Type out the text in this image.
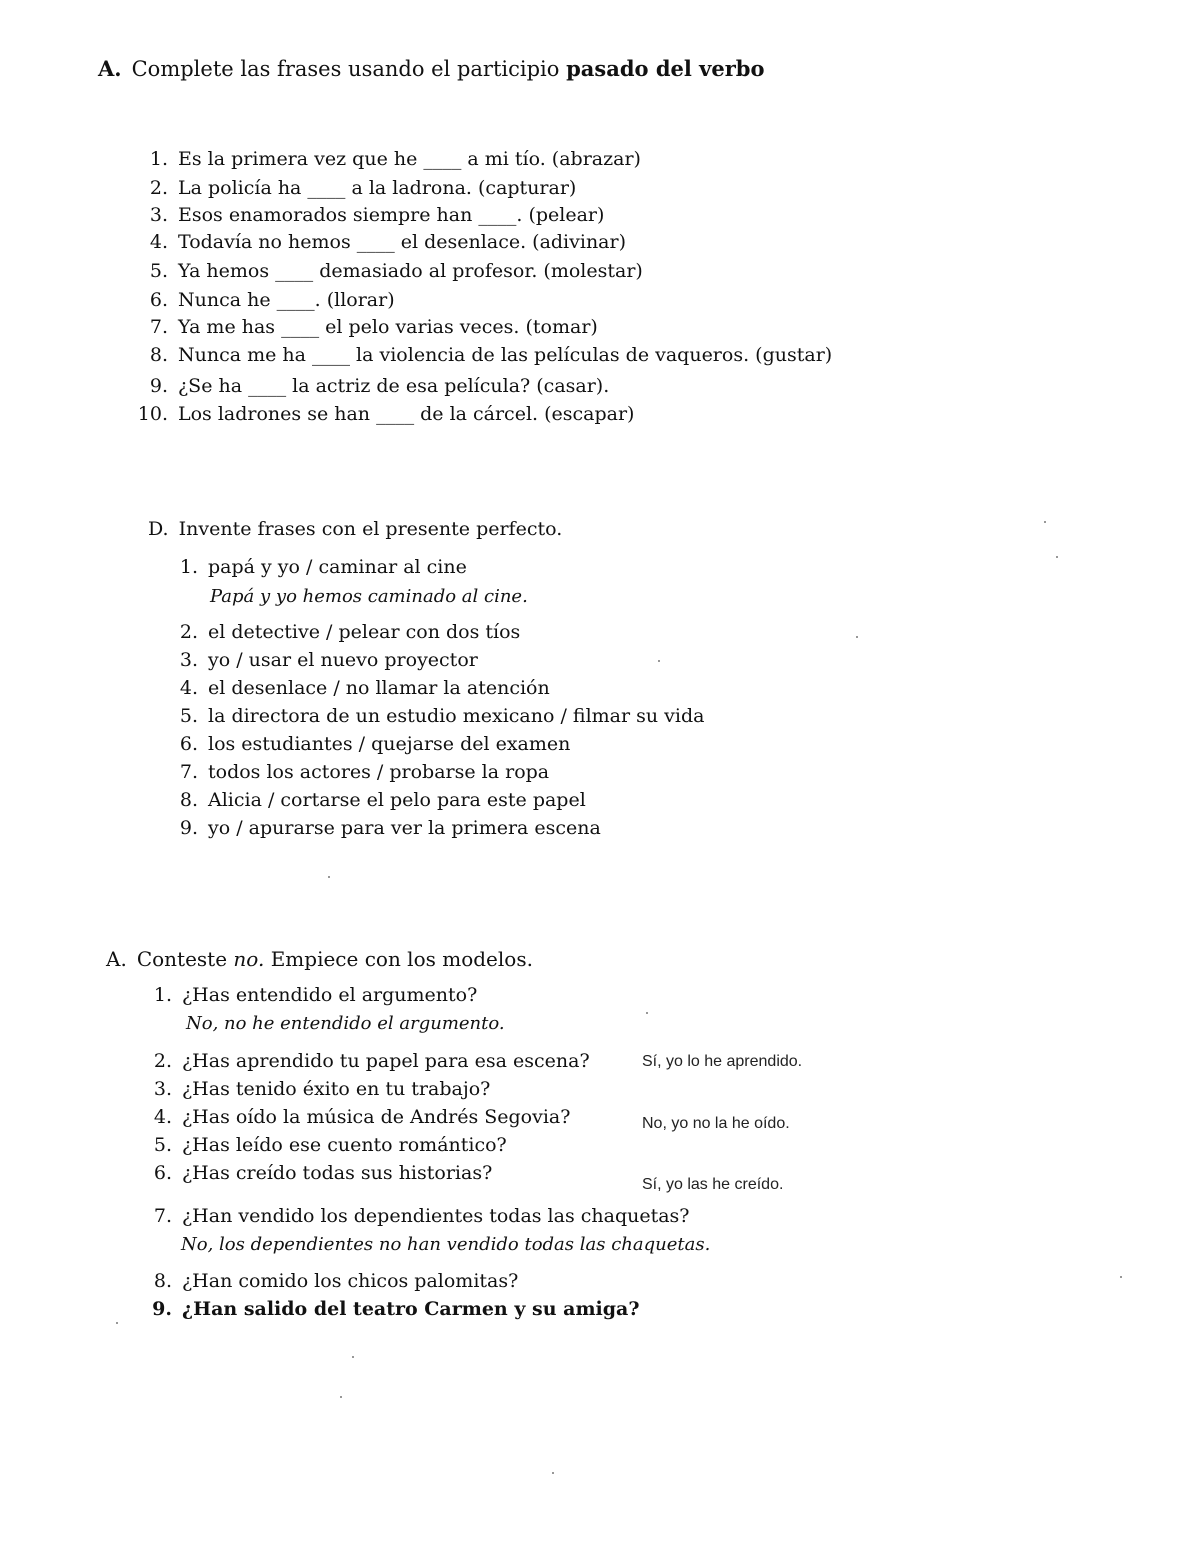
A. Complete las frases usando el participio pasado del verbo
1. Es la primera vez que he ____ a mi tío. (abrazar)
2. La policía ha ____ a la ladrona. (capturar)
3. Esos enamorados siempre han ____. (pelear)
4. Todavía no hemos ____ el desenlace. (adivinar)
5. Ya hemos ____ demasiado al profesor. (molestar)
6. Nunca he ____. (llorar)
7. Ya me has ____ el pelo varias veces. (tomar)
8. Nunca me ha ____ la violencia de las películas de vaqueros. (gustar)
9. ¿Se ha ____ la actriz de esa película? (casar).
10. Los ladrones se han ____ de la cárcel. (escapar)
D. Invente frases con el presente perfecto.
1. papá y yo / caminar al cine
Papá y yo hemos caminado al cine.
2. el detective / pelear con dos tíos
3. yo / usar el nuevo proyector
4. el desenlace / no llamar la atención
5. la directora de un estudio mexicano / filmar su vida
6. los estudiantes / quejarse del examen
7. todos los actores / probarse la ropa
8. Alicia / cortarse el pelo para este papel
9. yo / apurarse para ver la primera escena
A. Conteste no. Empiece con los modelos.
1. ¿Has entendido el argumento?
No, no he entendido el argumento.
2. ¿Has aprendido tu papel para esa escena?	Sí, yo lo he aprendido.
3. ¿Has tenido éxito en tu trabajo?
4. ¿Has oído la música de Andrés Segovia?	No, yo no la he oído.
5. ¿Has leído ese cuento romántico?
6. ¿Has creído todas sus historias?
Sí, yo las he creído.
7. ¿Han vendido los dependientes todas las chaquetas?
No, los dependientes no han vendido todas las chaquetas.
8. ¿Han comido los chicos palomitas?
9. ¿Han salido del teatro Carmen y su amiga?
